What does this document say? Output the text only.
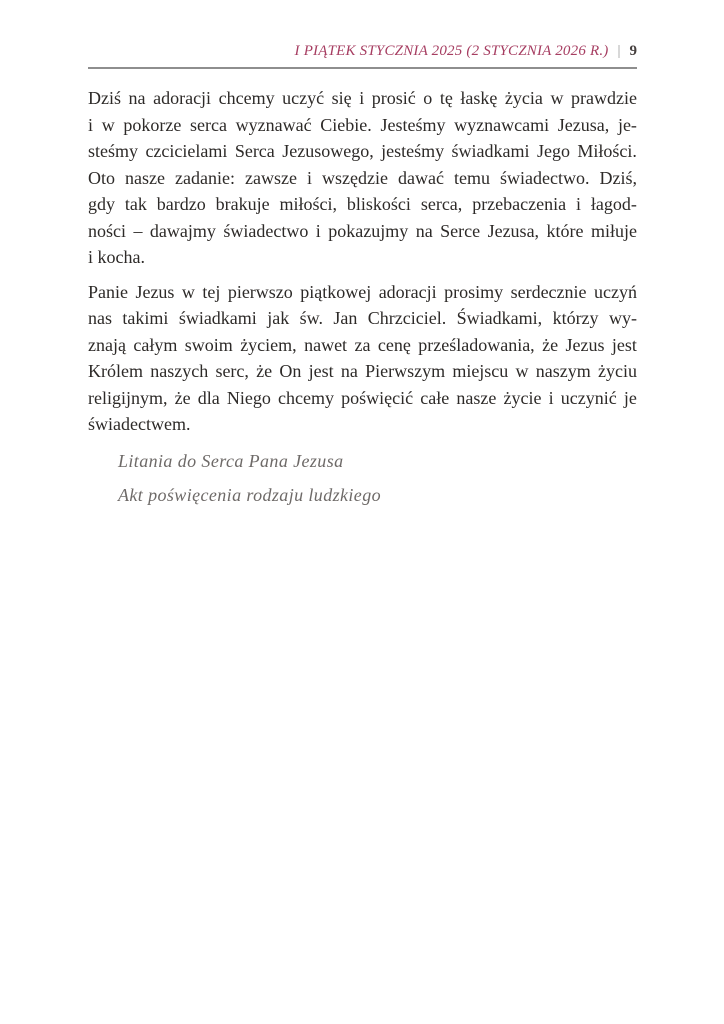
I PIĄTEK STYCZNIA 2025 (2 STYCZNIA 2026 R.) | 9
Dziś na adoracji chcemy uczyć się i prosić o tę łaskę życia w prawdzie
i w pokorze serca wyznawać Ciebie. Jesteśmy wyznawcami Jezusa, je-
steśmy czcicielami Serca Jezusowego, jesteśmy świadkami Jego Miłości.
Oto nasze zadanie: zawsze i wszędzie dawać temu świadectwo. Dziś,
gdy tak bardzo brakuje miłości, bliskości serca, przebaczenia i łagod-
ności – dawajmy świadectwo i pokazujmy na Serce Jezusa, które miłuje
i kocha.
Panie Jezus w tej pierwszo piątkowej adoracji prosimy serdecznie uczyń
nas takimi świadkami jak św. Jan Chrzciciel. Świadkami, którzy wy-
znają całym swoim życiem, nawet za cenę prześladowania, że Jezus jest
Królem naszych serc, że On jest na Pierwszym miejscu w naszym życiu
religijnym, że dla Niego chcemy poświęcić całe nasze życie i uczynić je
świadectwem.
Litania do Serca Pana Jezusa
Akt poświęcenia rodzaju ludzkiego
